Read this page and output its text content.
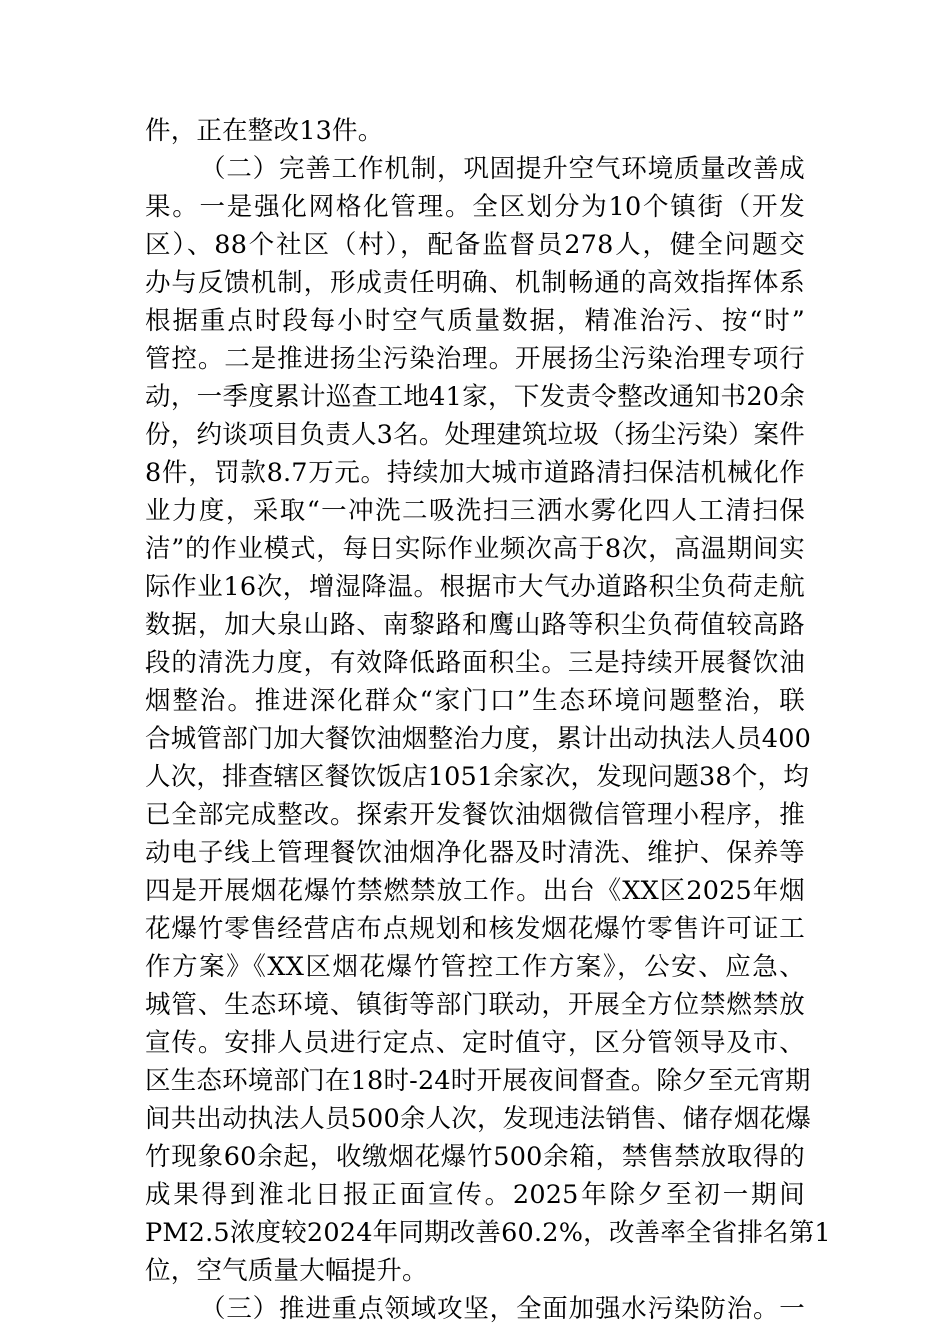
件，正在整改13件。
（二）完善工作机制，巩固提升空气环境质量改善成
果。一是强化网格化管理。全区划分为10个镇街（开发
区）、88个社区（村），配备监督员278人，健全问题交
办与反馈机制，形成责任明确、机制畅通的高效指挥体系
根据重点时段每小时空气质量数据，精准治污、按“时”
管控。二是推进扬尘污染治理。开展扬尘污染治理专项行
动，一季度累计巡查工地41家，下发责令整改通知书20余
份，约谈项目负责人3名。处理建筑垃圾（扬尘污染）案件
8件，罚款8.7万元。持续加大城市道路清扫保洁机械化作
业力度，采取“一冲洗二吸洗扫三洒水雾化四人工清扫保
洁”的作业模式，每日实际作业频次高于8次，高温期间实
际作业16次，增湿降温。根据市大气办道路积尘负荷走航
数据，加大泉山路、南黎路和鹰山路等积尘负荷值较高路
段的清洗力度，有效降低路面积尘。三是持续开展餐饮油
烟整治。推进深化群众“家门口”生态环境问题整治，联
合城管部门加大餐饮油烟整治力度，累计出动执法人员400
人次，排查辖区餐饮饭店1051余家次，发现问题38个，均
已全部完成整改。探索开发餐饮油烟微信管理小程序，推
动电子线上管理餐饮油烟净化器及时清洗、维护、保养等
四是开展烟花爆竹禁燃禁放工作。出台《XX区2025年烟
花爆竹零售经营店布点规划和核发烟花爆竹零售许可证工
作方案》《XX区烟花爆竹管控工作方案》，公安、应急、
城管、生态环境、镇街等部门联动，开展全方位禁燃禁放
宣传。安排人员进行定点、定时值守，区分管领导及市、
区生态环境部门在18时-24时开展夜间督查。除夕至元宵期
间共出动执法人员500余人次，发现违法销售、储存烟花爆
竹现象60余起，收缴烟花爆竹500余箱，禁售禁放取得的
成果得到淮北日报正面宣传。2025年除夕至初一期间
PM2.5浓度较2024年同期改善60.2%，改善率全省排名第1
位，空气质量大幅提升。
（三）推进重点领域攻坚，全面加强水污染防治。一
